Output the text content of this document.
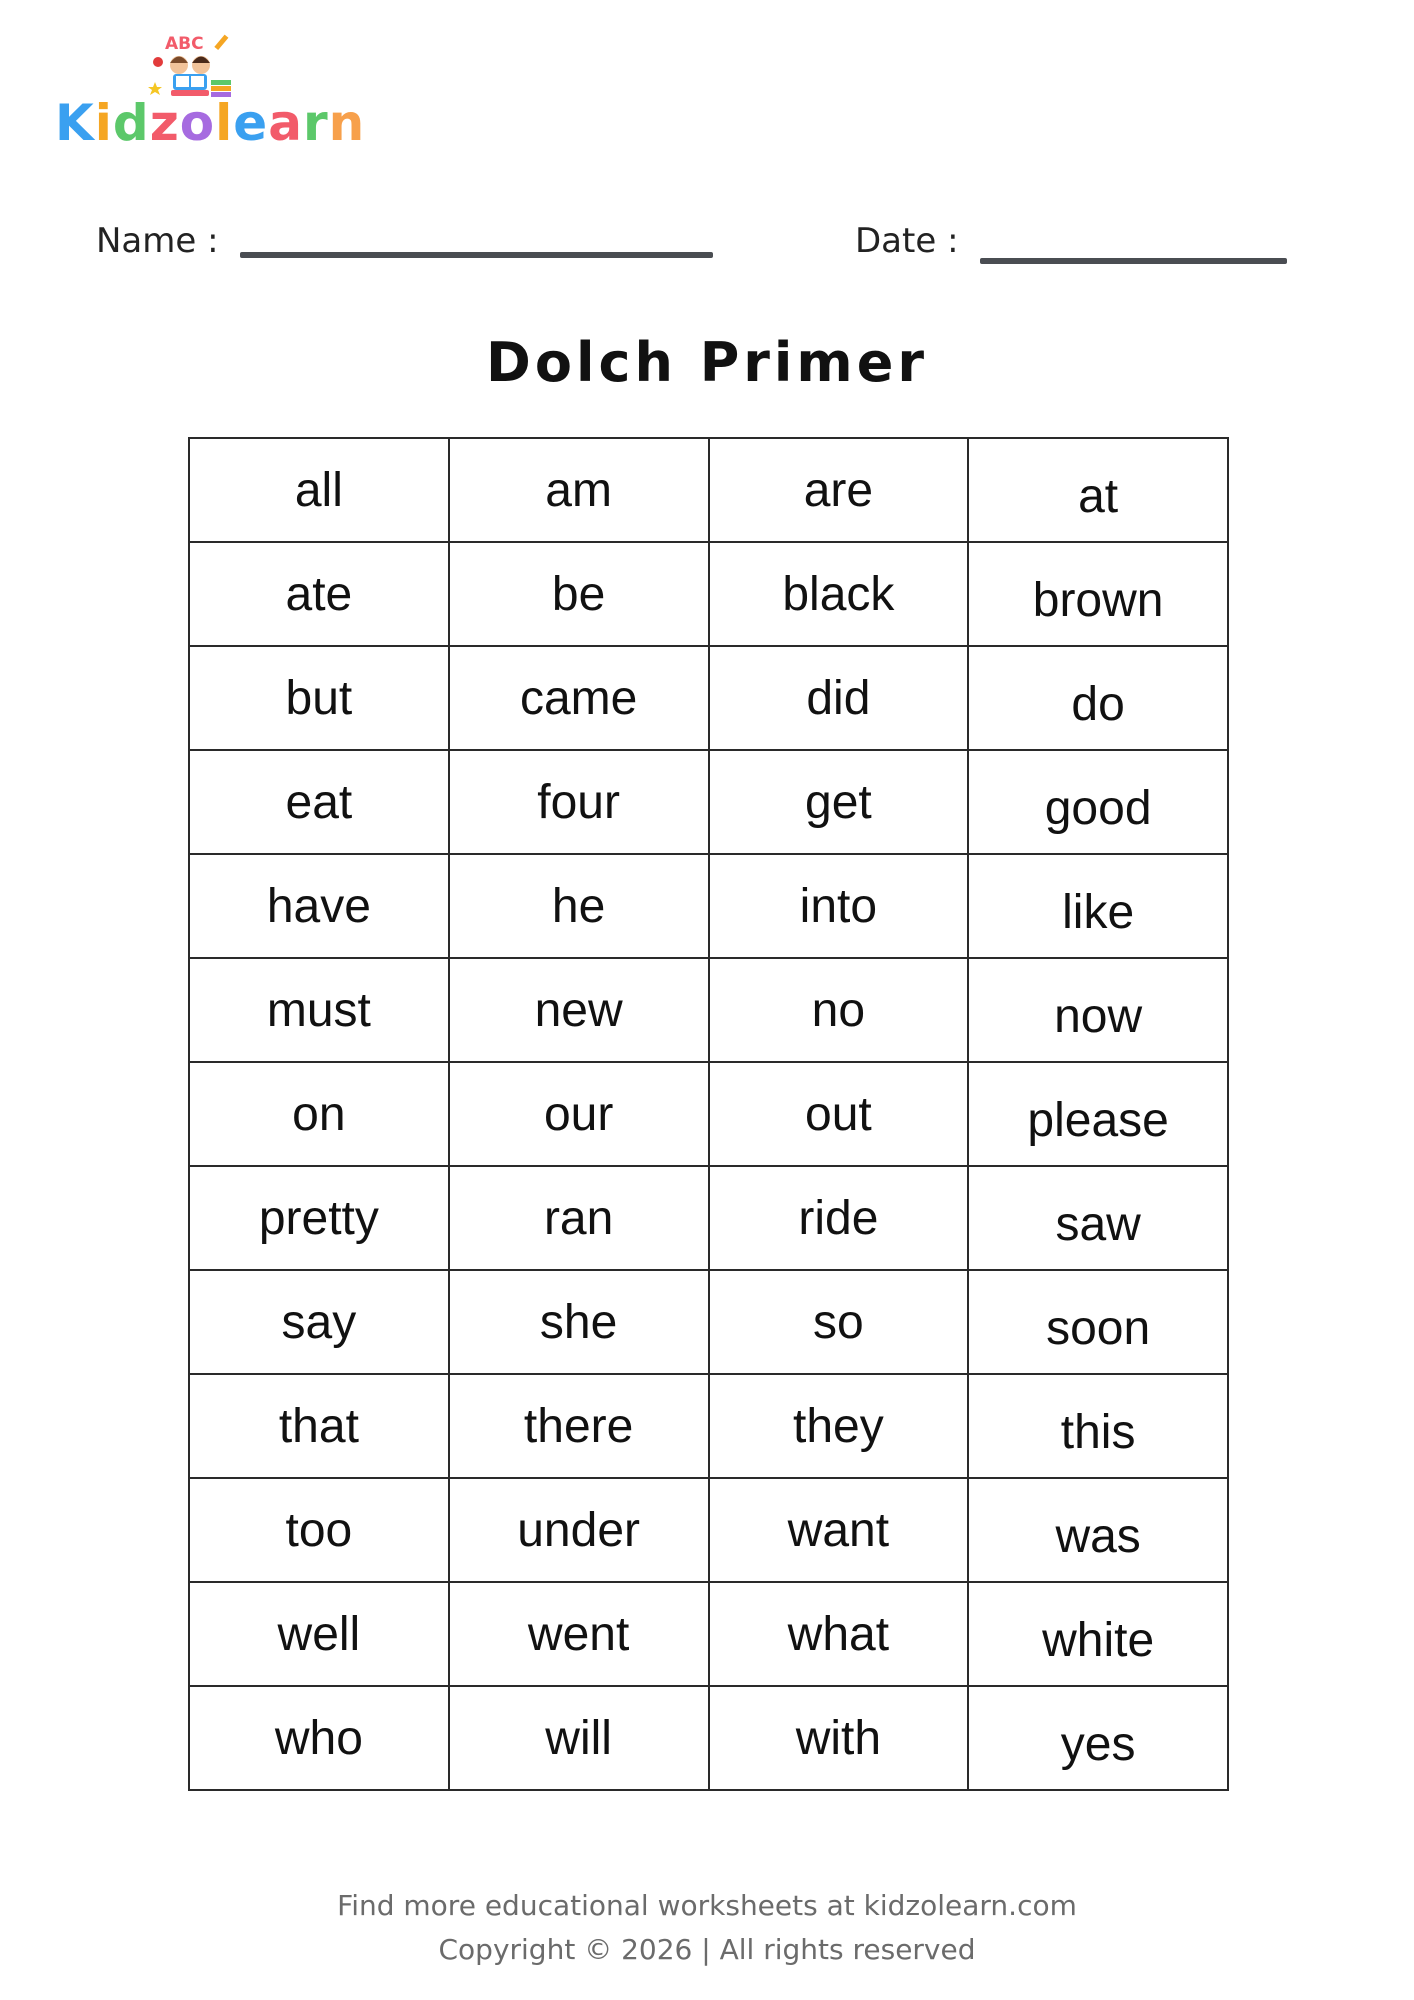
ABC
Kidzolearn
Name :	Date :
Dolch Primer
all	am	are	at
ate	be	black	brown
but	came	did	do
eat	four	get	good
have	he	into	like
must	new	no	now
on	our	out	please
pretty	ran	ride	saw
say	she	so	soon
that	there	they	this
too	under	want	was
well	went	what	white
who	will	with	yes
Find more educational worksheets at kidzolearn.com
Copyright © 2026 | All rights reserved
